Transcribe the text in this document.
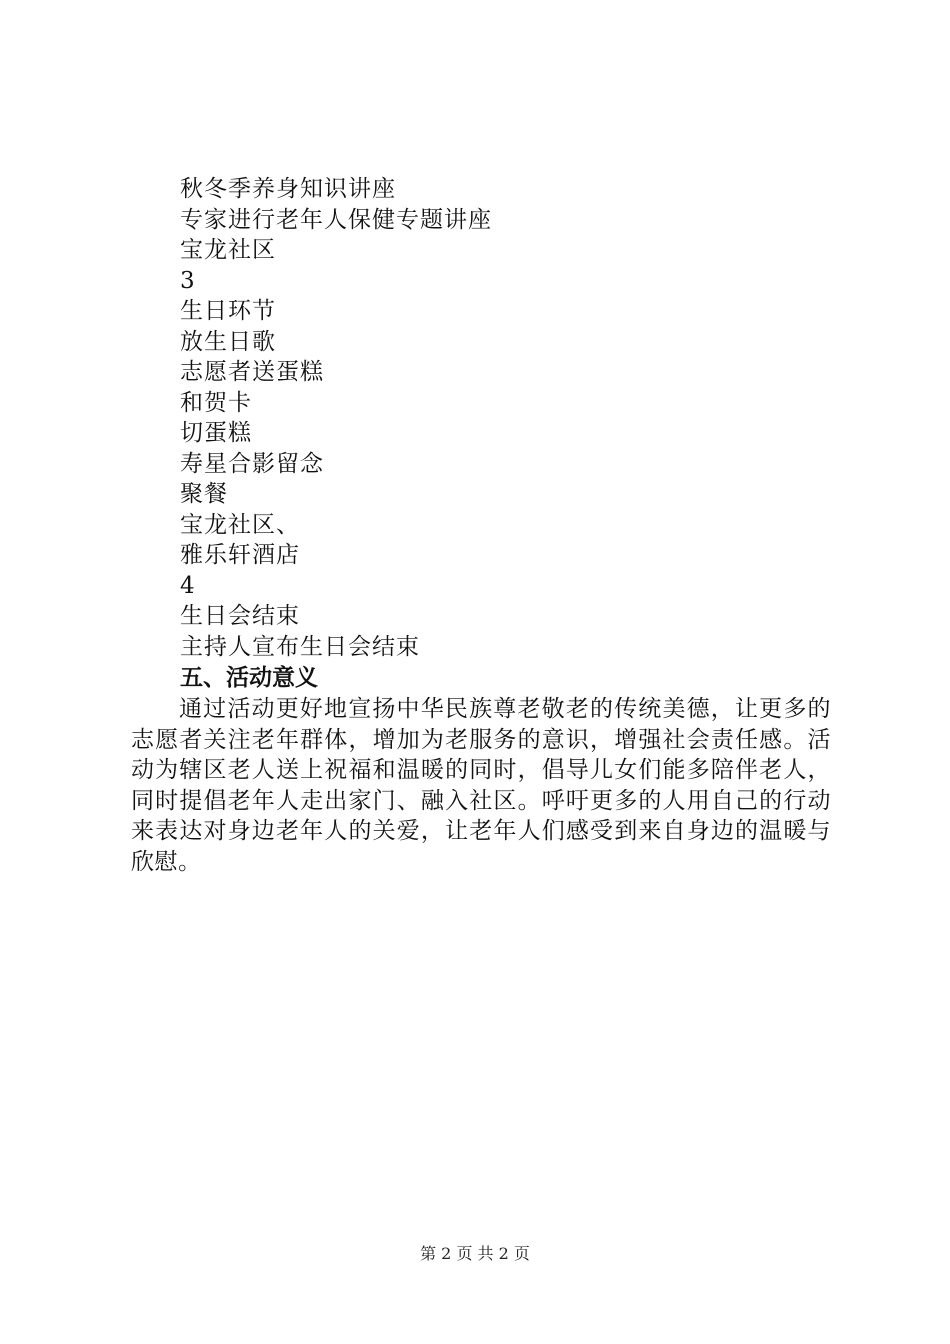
秋冬季养身知识讲座
专家进行老年人保健专题讲座
宝龙社区
3
生日环节
放生日歌
志愿者送蛋糕
和贺卡
切蛋糕
寿星合影留念
聚餐
宝龙社区、
雅乐轩酒店
4
生日会结束
主持人宣布生日会结束
五、活动意义
通过活动更好地宣扬中华民族尊老敬老的传统美德，让更多的志愿者关注老年群体，增加为老服务的意识，增强社会责任感。活动为辖区老人送上祝福和温暖的同时，倡导儿女们能多陪伴老人，同时提倡老年人走出家门、融入社区。呼吁更多的人用自己的行动来表达对身边老年人的关爱，让老年人们感受到来自身边的温暖与欣慰。
第 2 页 共 2 页
